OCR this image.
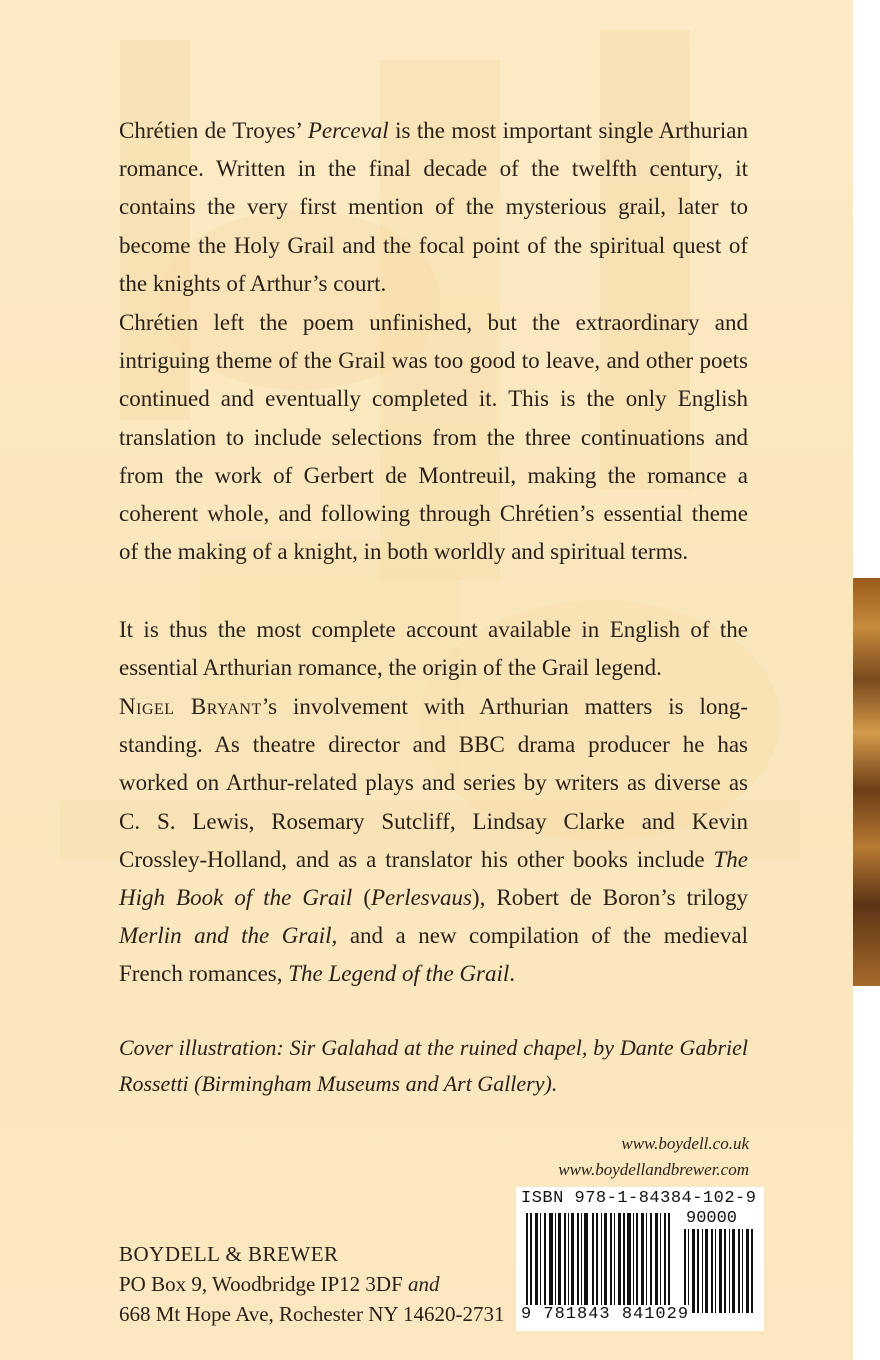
Chrétien de Troyes’ Perceval is the most important single Arthurian romance. Written in the final decade of the twelfth century, it contains the very first mention of the mysterious grail, later to become the Holy Grail and the focal point of the spiritual quest of the knights of Arthur’s court.

Chrétien left the poem unfinished, but the extraordinary and intriguing theme of the Grail was too good to leave, and other poets continued and eventually completed it. This is the only English translation to include selections from the three continuations and from the work of Gerbert de Montreuil, making the romance a coherent whole, and following through Chrétien’s essential theme of the making of a knight, in both worldly and spiritual terms.

It is thus the most complete account available in English of the essential Arthurian romance, the origin of the Grail legend.

Nigel Bryant’s involvement with Arthurian matters is long-standing. As theatre director and BBC drama producer he has worked on Arthur-related plays and series by writers as diverse as C. S. Lewis, Rosemary Sutcliff, Lindsay Clarke and Kevin Crossley-Holland, and as a translator his other books include The High Book of the Grail (Perlesvaus), Robert de Boron’s trilogy Merlin and the Grail, and a new compilation of the medieval French romances, The Legend of the Grail.

Cover illustration: Sir Galahad at the ruined chapel, by Dante Gabriel Rossetti (Birmingham Museums and Art Gallery).

www.boydell.co.uk
www.boydellandbrewer.com
BOYDELL & BREWER
PO Box 9, Woodbridge IP12 3DF and
668 Mt Hope Ave, Rochester NY 14620-2731
ISBN 978-1-84384-102-9
90000
9 781843 841029
